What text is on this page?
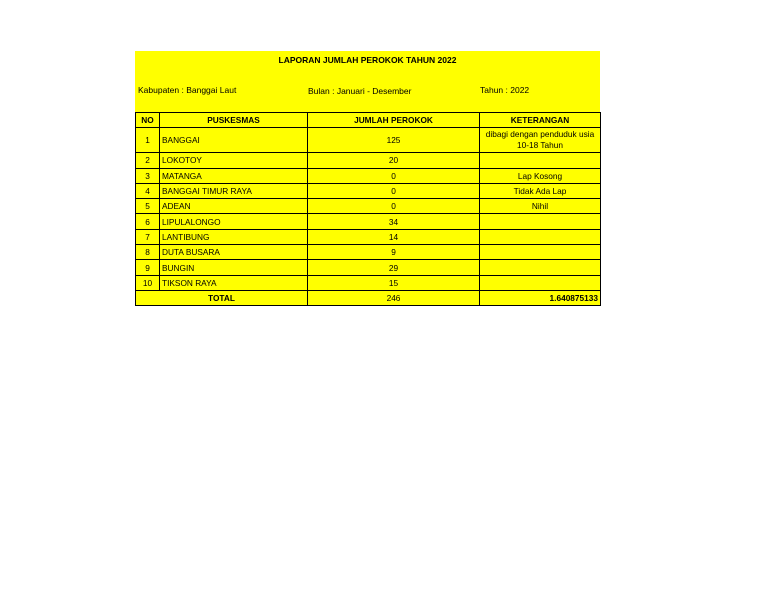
LAPORAN JUMLAH PEROKOK TAHUN 2022
Kabupaten : Banggai Laut	Bulan : Januari - Desember	Tahun : 2022
NO	PUSKESMAS	JUMLAH PEROKOK	KETERANGAN
1	BANGGAI	125	dibagi dengan penduduk usia 10-18 Tahun
2	LOKOTOY	20	
3	MATANGA	0	Lap Kosong
4	BANGGAI TIMUR RAYA	0	Tidak Ada Lap
5	ADEAN	0	Nihil
6	LIPULALONGO	34	
7	LANTIBUNG	14	
8	DUTA BUSARA	9	
9	BUNGIN	29	
10	TIKSON RAYA	15	
TOTAL		246	1.640875133
